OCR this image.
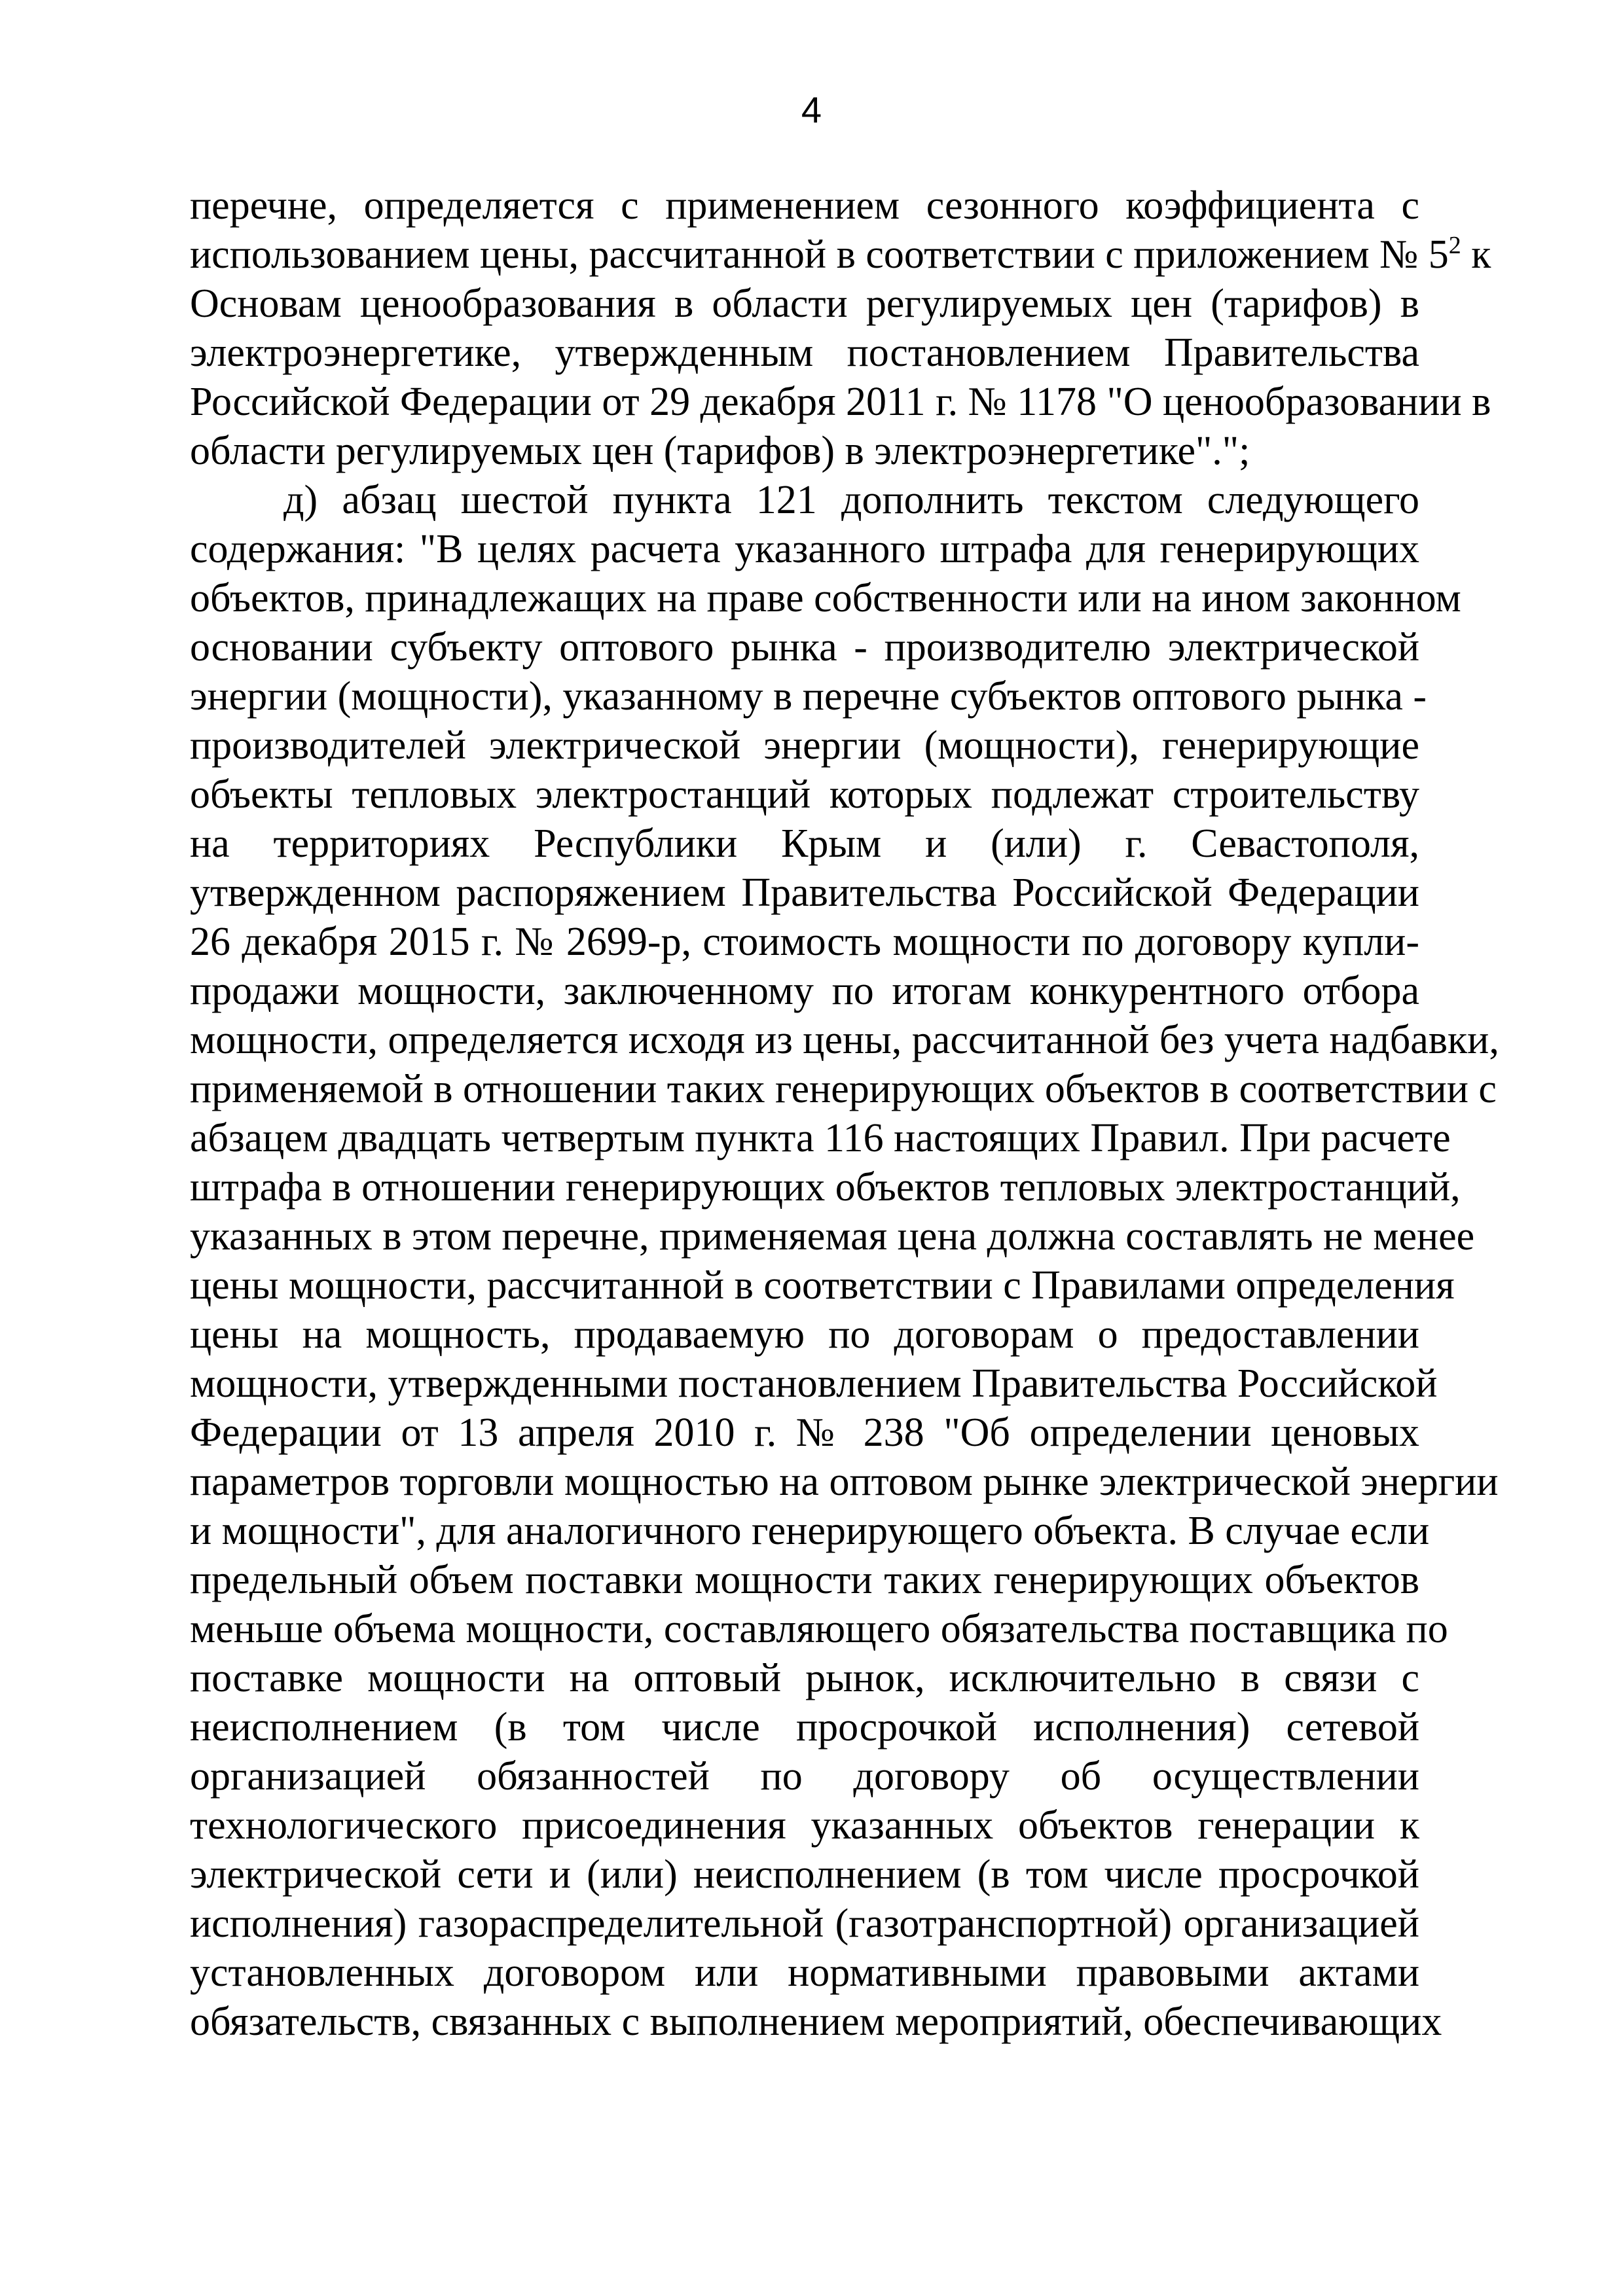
4
перечне, определяется с применением сезонного коэффициента с
использованием цены, рассчитанной в соответствии с приложением № $5^2$ к
Основам ценообразования в области регулируемых цен (тарифов) в
электроэнергетике, утвержденным постановлением Правительства
Российской Федерации от 29 декабря 2011 г. № 1178 "О ценообразовании в
области регулируемых цен (тарифов) в электроэнергетике".";
д) абзац шестой пункта 121 дополнить текстом следующего
содержания: "В целях расчета указанного штрафа для генерирующих
объектов, принадлежащих на праве собственности или на ином законном
основании субъекту оптового рынка - производителю электрической
энергии (мощности), указанному в перечне субъектов оптового рынка -
производителей электрической энергии (мощности), генерирующие
объекты тепловых электростанций которых подлежат строительству
на территориях Республики Крым и (или) г. Севастополя,
утвержденном распоряжением Правительства Российской Федерации
26 декабря 2015 г. № 2699-р, стоимость мощности по договору купли-
продажи мощности, заключенному по итогам конкурентного отбора
мощности, определяется исходя из цены, рассчитанной без учета надбавки,
применяемой в отношении таких генерирующих объектов в соответствии с
абзацем двадцать четвертым пункта 116 настоящих Правил. При расчете
штрафа в отношении генерирующих объектов тепловых электростанций,
указанных в этом перечне, применяемая цена должна составлять не менее
цены мощности, рассчитанной в соответствии с Правилами определения
цены на мощность, продаваемую по договорам о предоставлении
мощности, утвержденными постановлением Правительства Российской
Федерации от 13 апреля 2010 г. № 238 "Об определении ценовых
параметров торговли мощностью на оптовом рынке электрической энергии
и мощности", для аналогичного генерирующего объекта. В случае если
предельный объем поставки мощности таких генерирующих объектов
меньше объема мощности, составляющего обязательства поставщика по
поставке мощности на оптовый рынок, исключительно в связи с
неисполнением (в том числе просрочкой исполнения) сетевой
организацией обязанностей по договору об осуществлении
технологического присоединения указанных объектов генерации к
электрической сети и (или) неисполнением (в том числе просрочкой
исполнения) газораспределительной (газотранспортной) организацией
установленных договором или нормативными правовыми актами
обязательств, связанных с выполнением мероприятий, обеспечивающих
